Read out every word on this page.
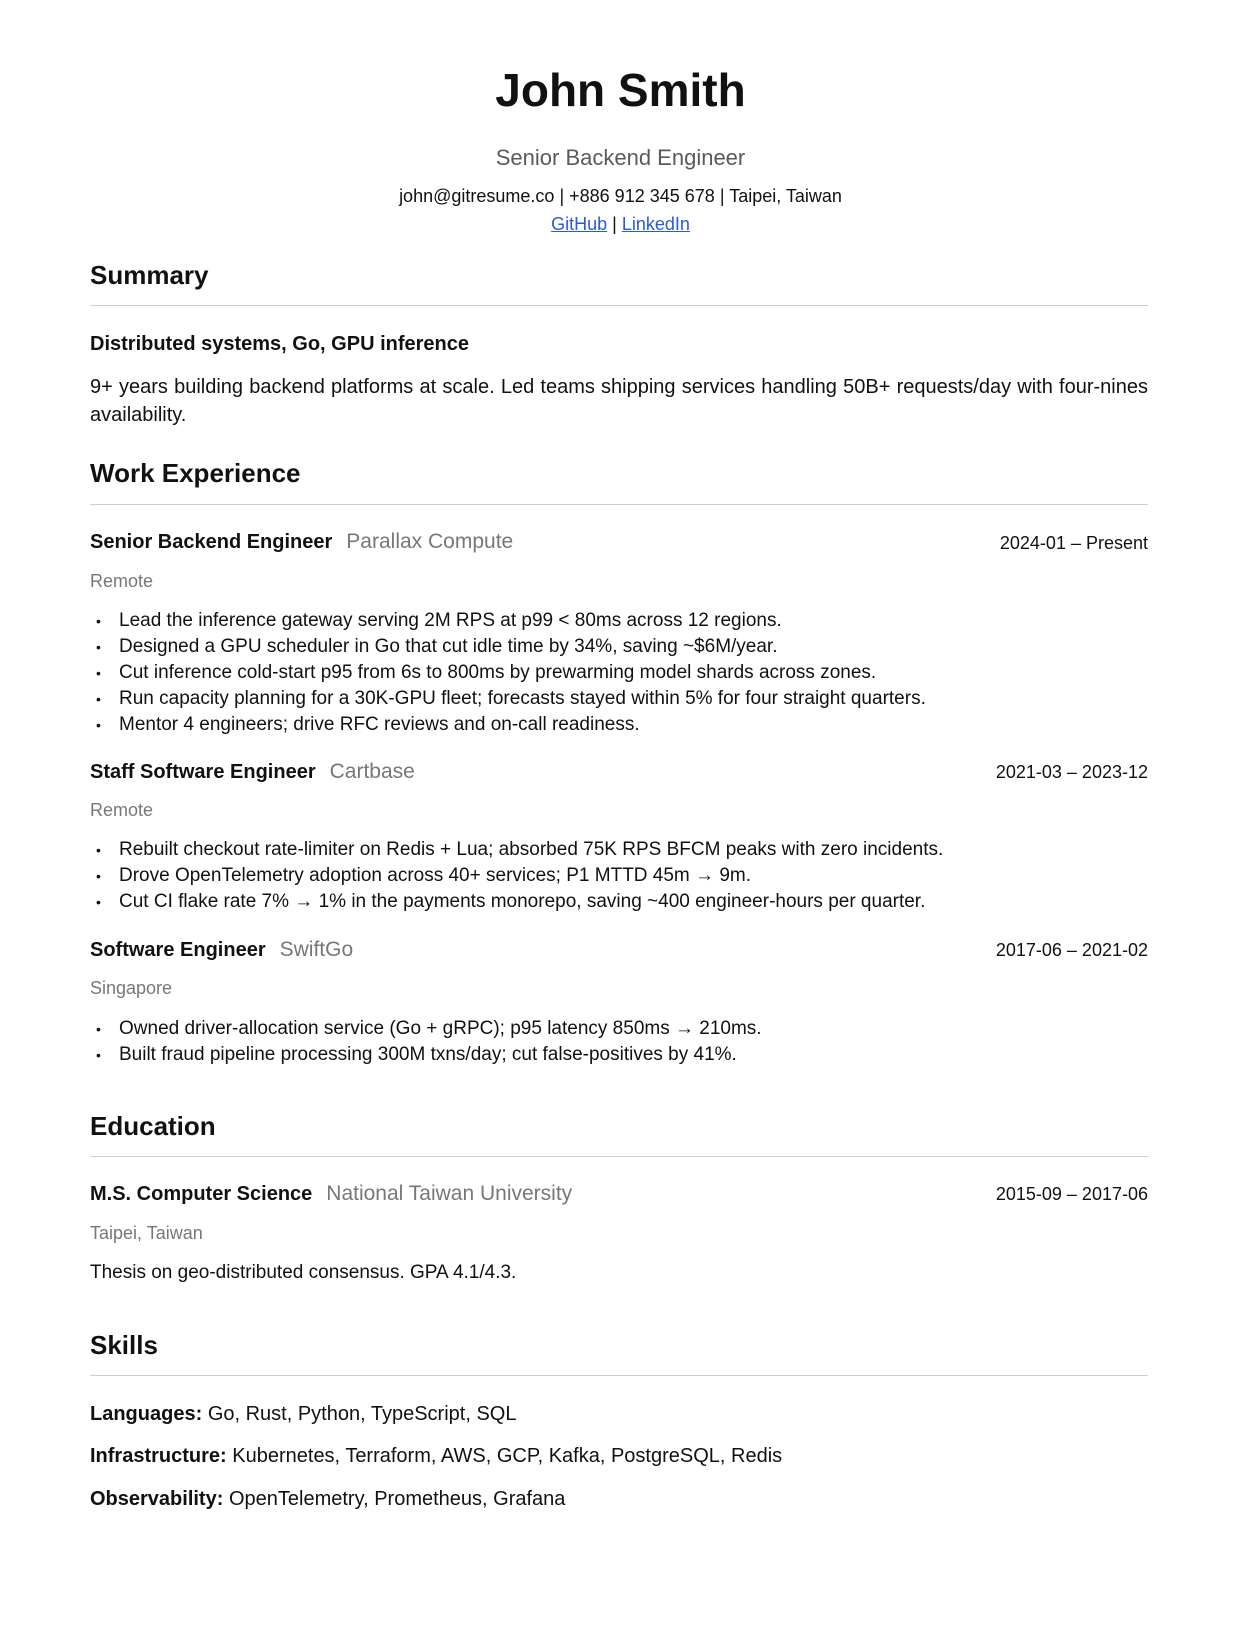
John Smith
Senior Backend Engineer
john@gitresume.co | +886 912 345 678 | Taipei, Taiwan
GitHub | LinkedIn
Summary
Distributed systems, Go, GPU inference
9+ years building backend platforms at scale. Led teams shipping services handling 50B+ requests/day with four-nines availability.
Work Experience
Senior Backend Engineer Parallax Compute	2024-01 – Present
Remote
• Lead the inference gateway serving 2M RPS at p99 < 80ms across 12 regions.
• Designed a GPU scheduler in Go that cut idle time by 34%, saving ~$6M/year.
• Cut inference cold-start p95 from 6s to 800ms by prewarming model shards across zones.
• Run capacity planning for a 30K-GPU fleet; forecasts stayed within 5% for four straight quarters.
• Mentor 4 engineers; drive RFC reviews and on-call readiness.
Staff Software Engineer Cartbase	2021-03 – 2023-12
Remote
• Rebuilt checkout rate-limiter on Redis + Lua; absorbed 75K RPS BFCM peaks with zero incidents.
• Drove OpenTelemetry adoption across 40+ services; P1 MTTD 45m → 9m.
• Cut CI flake rate 7% → 1% in the payments monorepo, saving ~400 engineer-hours per quarter.
Software Engineer SwiftGo	2017-06 – 2021-02
Singapore
• Owned driver-allocation service (Go + gRPC); p95 latency 850ms → 210ms.
• Built fraud pipeline processing 300M txns/day; cut false-positives by 41%.
Education
M.S. Computer Science National Taiwan University	2015-09 – 2017-06
Taipei, Taiwan
Thesis on geo-distributed consensus. GPA 4.1/4.3.
Skills
Languages: Go, Rust, Python, TypeScript, SQL
Infrastructure: Kubernetes, Terraform, AWS, GCP, Kafka, PostgreSQL, Redis
Observability: OpenTelemetry, Prometheus, Grafana
